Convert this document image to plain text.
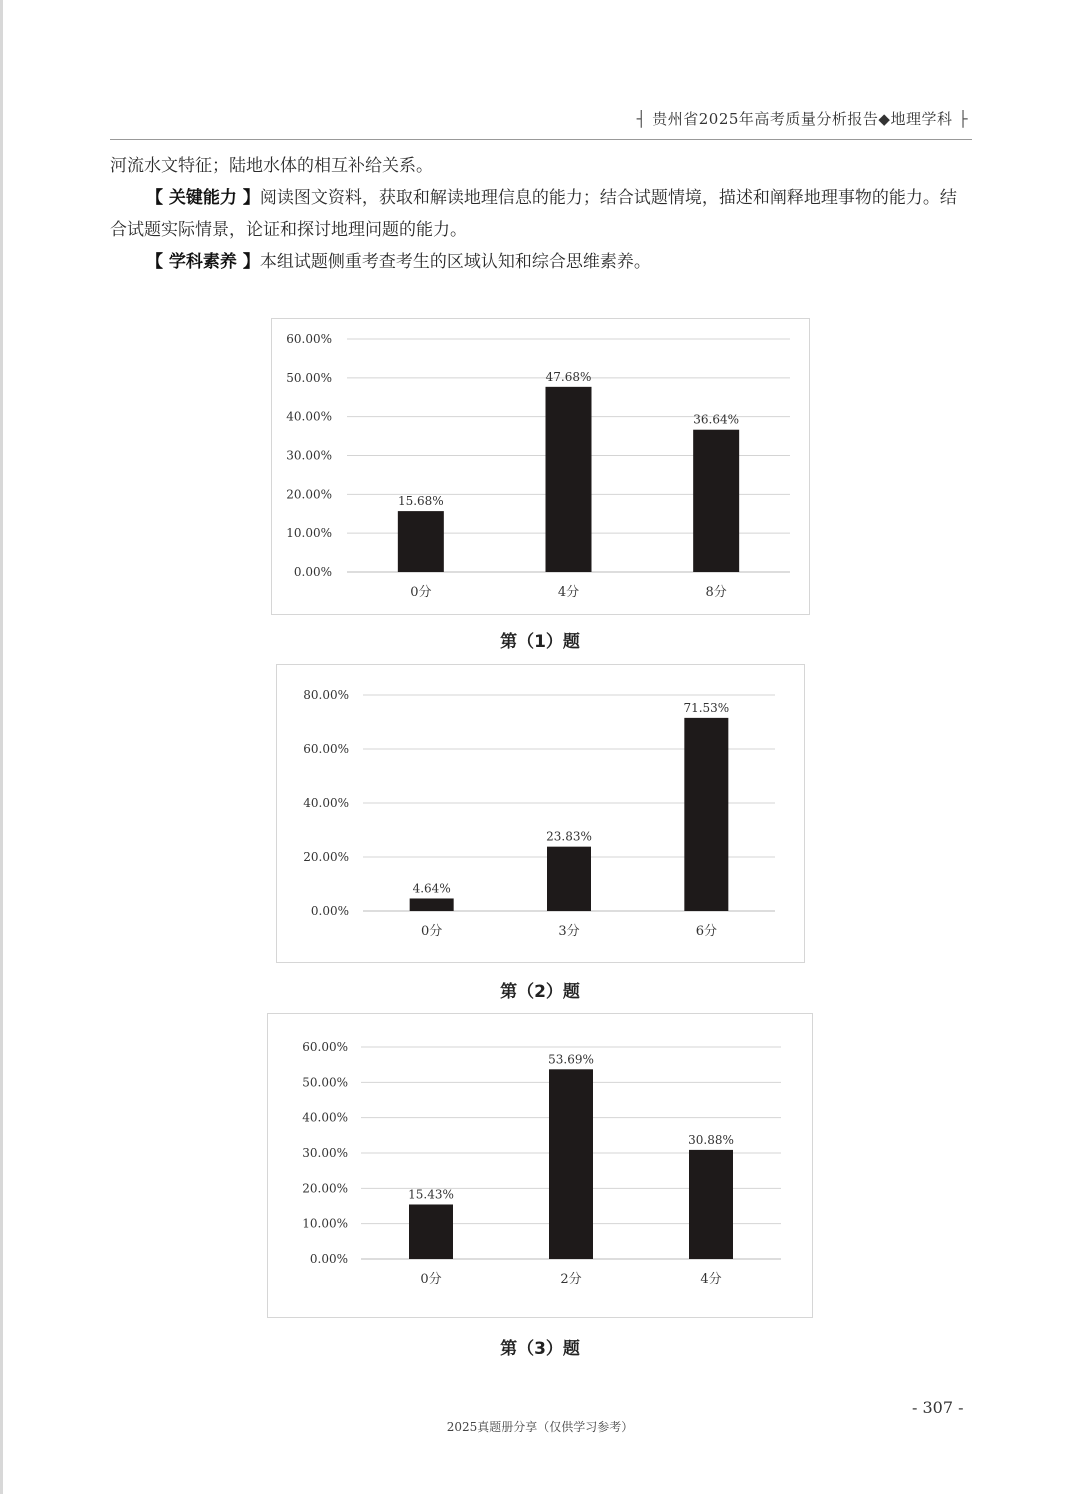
┤ 贵州省2025年高考质量分析报告◆地理学科 ├
河流水文特征；陆地水体的相互补给关系。
【 关键能力 】阅读图文资料，获取和解读地理信息的能力；结合试题情境，描述和阐释地理事物的能力。结合试题实际情景，论证和探讨地理问题的能力。
【 学科素养 】本组试题侧重考查考生的区域认知和综合思维素养。
0.00%
10.00%
20.00%
30.00%
40.00%
50.00%
60.00%
15.68%
0分
47.68%
4分
36.64%
8分
第（1）题
0.00%
20.00%
40.00%
60.00%
80.00%
4.64%
0分
23.83%
3分
71.53%
6分
第（2）题
0.00%
10.00%
20.00%
30.00%
40.00%
50.00%
60.00%
15.43%
0分
53.69%
2分
30.88%
4分
第（3）题
- 307 -
2025真题册分享（仅供学习参考）
